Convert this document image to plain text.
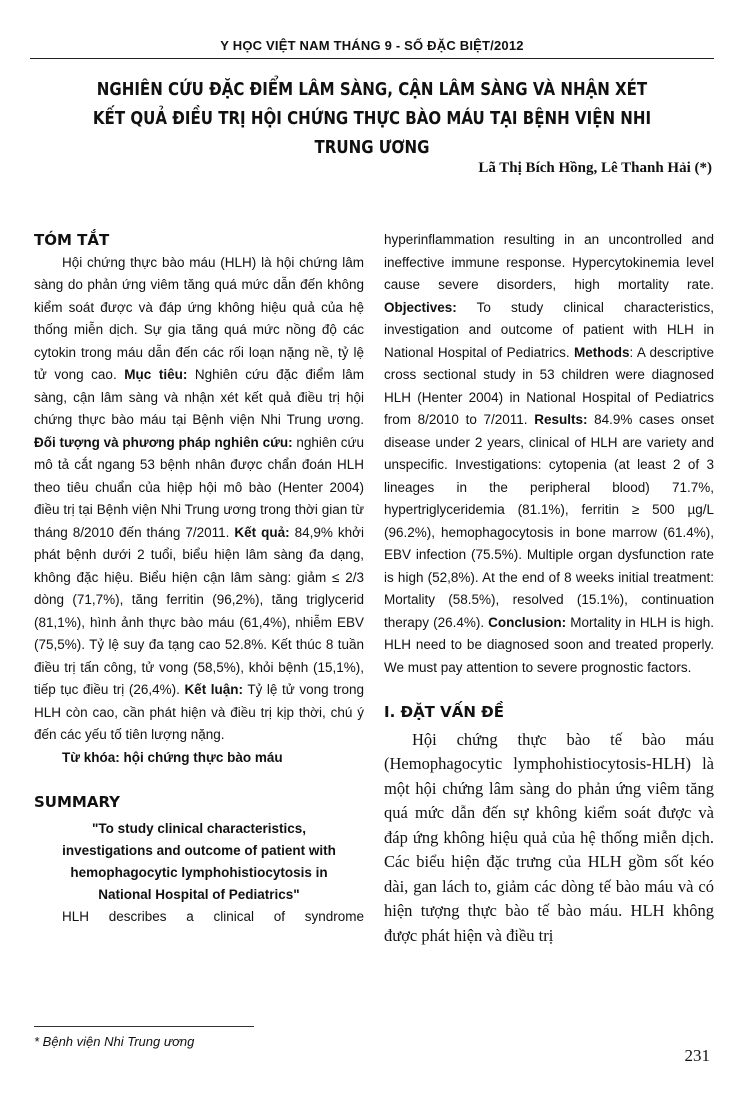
Y HỌC VIỆT NAM THÁNG 9 - SỐ ĐẶC BIỆT/2012
NGHIÊN CỨU ĐẶC ĐIỂM LÂM SÀNG, CẬN LÂM SÀNG VÀ NHẬN XÉT
KẾT QUẢ ĐIỀU TRỊ HỘI CHỨNG THỰC BÀO MÁU TẠI BỆNH VIỆN NHI TRUNG ƯƠNG
Lã Thị Bích Hồng, Lê Thanh Hải (*)
TÓM TẮT

Hội chứng thực bào máu (HLH) là hội chứng lâm sàng do phản ứng viêm tăng quá mức dẫn đến không kiểm soát được và đáp ứng không hiệu quả của hệ thống miễn dịch. Sự gia tăng quá mức nồng độ các cytokin trong máu dẫn đến các rối loạn nặng nề, tỷ lệ tử vong cao. Mục tiêu: Nghiên cứu đặc điểm lâm sàng, cận lâm sàng và nhận xét kết quả điều trị hội chứng thực bào máu tại Bệnh viện Nhi Trung ương. Đối tượng và phương pháp nghiên cứu: nghiên cứu mô tả cắt ngang 53 bệnh nhân được chẩn đoán HLH theo tiêu chuẩn của hiệp hội mô bào (Henter 2004) điều trị tại Bệnh viện Nhi Trung ương trong thời gian từ tháng 8/2010 đến tháng 7/2011. Kết quả: 84,9% khởi phát bệnh dưới 2 tuổi, biểu hiện lâm sàng đa dạng, không đặc hiệu. Biểu hiện cận lâm sàng: giảm ≤ 2/3 dòng (71,7%), tăng ferritin (96,2%), tăng triglycerid (81,1%), hình ảnh thực bào máu (61,4%), nhiễm EBV (75,5%). Tỷ lệ suy đa tạng cao 52.8%. Kết thúc 8 tuần điều trị tấn công, tử vong (58,5%), khỏi bệnh (15,1%), tiếp tục điều trị (26,4%). Kết luận: Tỷ lệ tử vong trong HLH còn cao, cần phát hiện và điều trị kịp thời, chú ý đến các yếu tố tiên lượng nặng.

Từ khóa: hội chứng thực bào máu

SUMMARY
"To study clinical characteristics,
investigations and outcome of patient with
hemophagocytic lymphohistiocytosis in
National Hospital of Pediatrics"

HLH describes a clinical of syndrome

hyperinflammation resulting in an uncontrolled and ineffective immune response. Hypercytokinemia level cause severe disorders, high mortality rate. Objectives: To study clinical characteristics, investigation and outcome of patient with HLH in National Hospital of Pediatrics. Methods: A descriptive cross sectional study in 53 children were diagnosed HLH (Henter 2004) in National Hospital of Pediatrics from 8/2010 to 7/2011. Results: 84.9% cases onset disease under 2 years, clinical of HLH are variety and unspecific. Investigations: cytopenia (at least 2 of 3 lineages in the peripheral blood) 71.7%, hypertriglyceridemia (81.1%), ferritin ≥ 500 µg/L (96.2%), hemophagocytosis in bone marrow (61.4%), EBV infection (75.5%). Multiple organ dysfunction rate is high (52,8%). At the end of 8 weeks initial treatment: Mortality (58.5%), resolved (15.1%), continuation therapy (26.4%). Conclusion: Mortality in HLH is high. HLH need to be diagnosed soon and treated properly. We must pay attention to severe prognostic factors.

I. ĐẶT VẤN ĐỀ

Hội chứng thực bào tế bào máu (Hemophagocytic lymphohistiocytosis-HLH) là một hội chứng lâm sàng do phản ứng viêm tăng quá mức dẫn đến sự không kiểm soát được và đáp ứng không hiệu quả của hệ thống miễn dịch. Các biểu hiện đặc trưng của HLH gồm sốt kéo dài, gan lách to, giảm các dòng tế bào máu và có hiện tượng thực bào tế bào máu. HLH không được phát hiện và điều trị

* Bệnh viện Nhi Trung ương
231
